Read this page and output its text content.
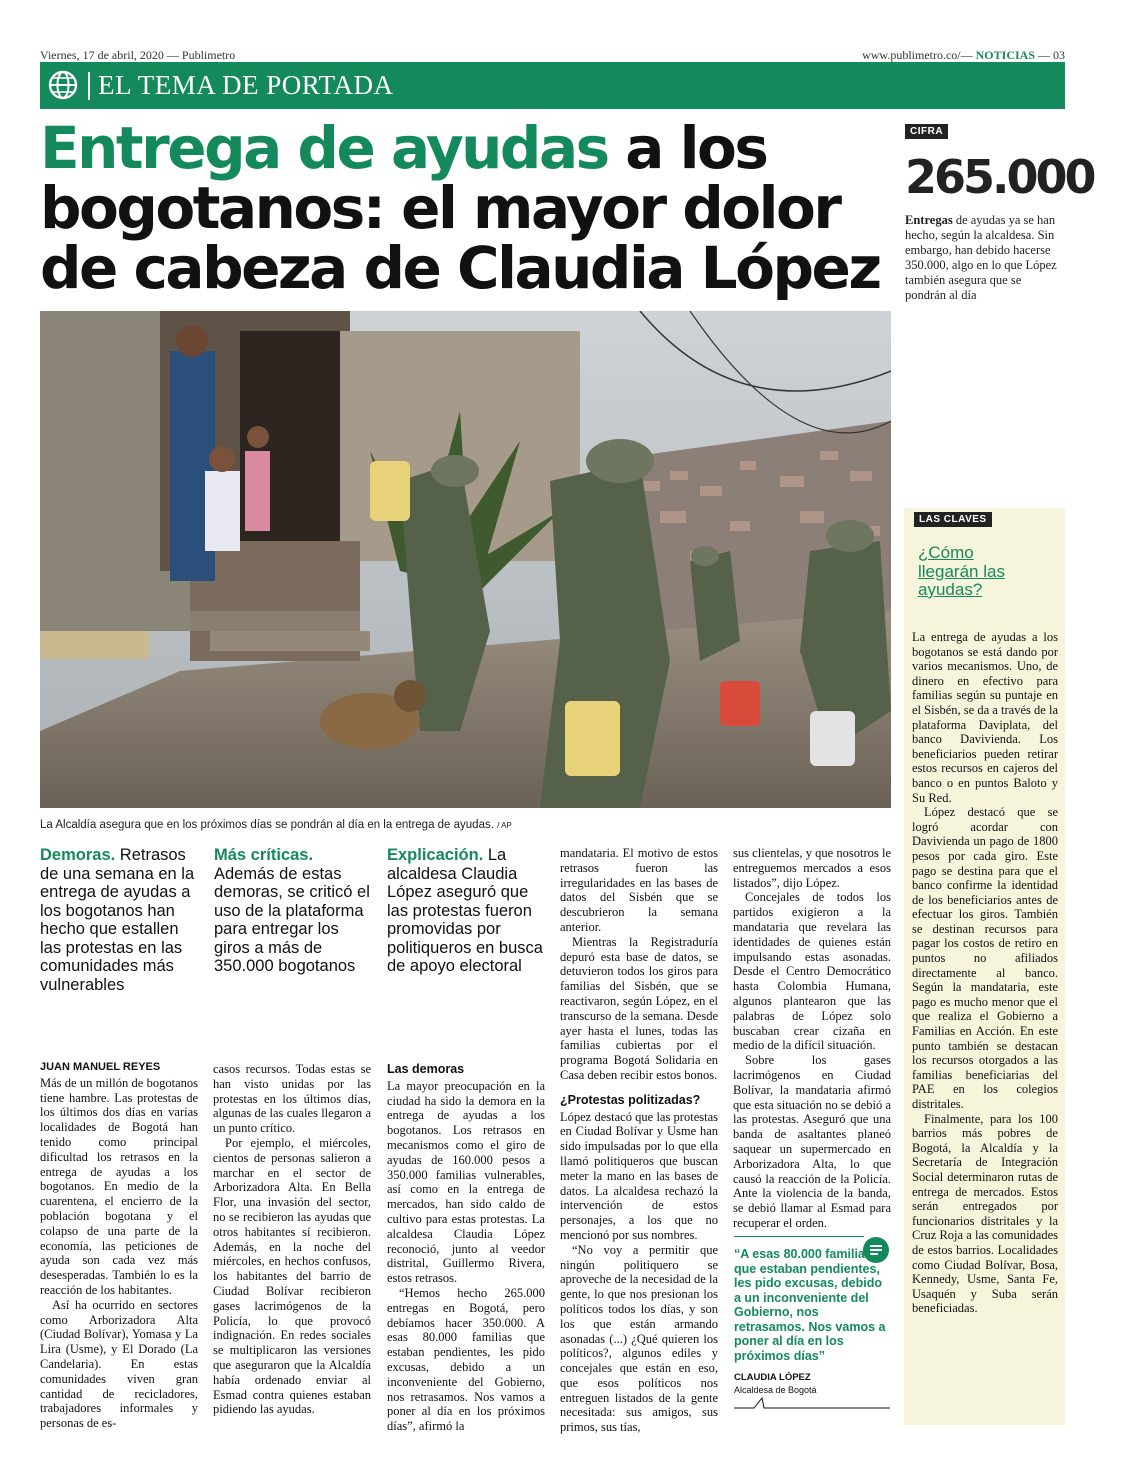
Viernes, 17 de abril, 2020 — Publimetro	www.publimetro.co/— NOTICIAS — 03
EL TEMA DE PORTADA
Entrega de ayudas a los bogotanos: el mayor dolor de cabeza de Claudia López
CIFRA
265.000
Entregas de ayudas ya se han hecho, según la alcaldesa. Sin embargo, han debido hacerse 350.000, algo en lo que López también asegura que se pondrán al día
La Alcaldía asegura que en los próximos días se pondrán al día en la entrega de ayudas. / AP
Demoras. Retrasos de una semana en la entrega de ayudas a los bogotanos han hecho que estallen las protestas en las comunidades más vulnerables
Más críticas. Además de estas demoras, se criticó el uso de la plataforma para entregar los giros a más de 350.000 bogotanos
Explicación. La alcaldesa Claudia López aseguró que las protestas fueron promovidas por politiqueros en busca de apoyo electoral
JUAN MANUEL REYES

Más de un millón de bogotanos tiene hambre. Las protestas de los últimos dos días en varias localidades de Bogotá han tenido como principal dificultad los retrasos en la entrega de ayudas a los bogotanos. En medio de la cuarentena, el encierro de la población bogotana y el colapso de una parte de la economía, las peticiones de ayuda son cada vez más desesperadas. También lo es la reacción de los habitantes.

Así ha ocurrido en sectores como Arborizadora Alta (Ciudad Bolívar), Yomasa y La Lira (Usme), y El Dorado (La Candelaria). En estas comunidades viven gran cantidad de recicladores, trabajadores informales y personas de es-

casos recursos. Todas estas se han visto unidas por las protestas en los últimos días, algunas de las cuales llegaron a un punto crítico.

Por ejemplo, el miércoles, cientos de personas salieron a marchar en el sector de Arborizadora Alta. En Bella Flor, una invasión del sector, no se recibieron las ayudas que otros habitantes sí recibieron. Además, en la noche del miércoles, en hechos confusos, los habitantes del barrio de Ciudad Bolívar recibieron gases lacrimógenos de la Policía, lo que provocó indignación. En redes sociales se multiplicaron las versiones que aseguraron que la Alcaldía había ordenado enviar al Esmad contra quienes estaban pidiendo las ayudas.

Las demoras

La mayor preocupación en la ciudad ha sido la demora en la entrega de ayudas a los bogotanos. Los retrasos en mecanismos como el giro de ayudas de 160.000 pesos a 350.000 familias vulnerables, así como en la entrega de mercados, han sido caldo de cultivo para estas protestas. La alcaldesa Claudia López reconoció, junto al veedor distrital, Guillermo Rivera, estos retrasos.

“Hemos hecho 265.000 entregas en Bogotá, pero debíamos hacer 350.000. A esas 80.000 familias que estaban pendientes, les pido excusas, debido a un inconveniente del Gobierno, nos retrasamos. Nos vamos a poner al día en los próximos días”, afirmó la

mandataria. El motivo de estos retrasos fueron las irregularidades en las bases de datos del Sisbén que se descubrieron la semana anterior.

Mientras la Registraduría depuró esta base de datos, se detuvieron todos los giros para familias del Sisbén, que se reactivaron, según López, en el transcurso de la semana. Desde ayer hasta el lunes, todas las familias cubiertas por el programa Bogotá Solidaria en Casa deben recibir estos bonos.

¿Protestas politizadas?

López destacó que las protestas en Ciudad Bolívar y Usme han sido impulsadas por lo que ella llamó politiqueros que buscan meter la mano en las bases de datos. La alcaldesa rechazó la intervención de estos personajes, a los que no mencionó por sus nombres.

“No voy a permitir que ningún politiquero se aproveche de la necesidad de la gente, lo que nos presionan los políticos todos los días, y son los que están armando asonadas (...) ¿Qué quieren los políticos?, algunos ediles y concejales que están en eso, que esos políticos nos entreguen listados de la gente necesitada: sus amigos, sus primos, sus tías,

sus clientelas, y que nosotros le entreguemos mercados a esos listados”, dijo López.

Concejales de todos los partidos exigieron a la mandataria que revelara las identidades de quienes están impulsando estas asonadas. Desde el Centro Democrático hasta Colombia Humana, algunos plantearon que las palabras de López solo buscaban crear cizaña en medio de la difícil situación.

Sobre los gases lacrimógenos en Ciudad Bolívar, la mandataria afirmó que esta situación no se debió a las protestas. Aseguró que una banda de asaltantes planeó saquear un supermercado en Arborizadora Alta, lo que causó la reacción de la Policía. Ante la violencia de la banda, se debió llamar al Esmad para recuperar el orden.

“A esas 80.000 familias que estaban pendientes, les pido excusas, debido a un inconveniente del Gobierno, nos retrasamos. Nos vamos a poner al día en los próximos días”
CLAUDIA LÓPEZ
Alcaldesa de Bogotá
LAS CLAVES
¿Cómo llegarán las ayudas?

La entrega de ayudas a los bogotanos se está dando por varios mecanismos. Uno, de dinero en efectivo para familias según su puntaje en el Sisbén, se da a través de la plataforma Daviplata, del banco Davivienda. Los beneficiarios pueden retirar estos recursos en cajeros del banco o en puntos Baloto y Su Red.

López destacó que se logró acordar con Davivienda un pago de 1800 pesos por cada giro. Este pago se destina para que el banco confirme la identidad de los beneficiarios antes de efectuar los giros. También se destinan recursos para pagar los costos de retiro en puntos no afiliados directamente al banco. Según la mandataria, este pago es mucho menor que el que realiza el Gobierno a Familias en Acción. En este punto también se destacan los recursos otorgados a las familias beneficiarias del PAE en los colegios distritales.

Finalmente, para los 100 barrios más pobres de Bogotá, la Alcaldía y la Secretaría de Integración Social determinaron rutas de entrega de mercados. Estos serán entregados por funcionarios distritales y la Cruz Roja a las comunidades de estos barrios. Localidades como Ciudad Bolívar, Bosa, Kennedy, Usme, Santa Fe, Usaquén y Suba serán beneficiadas.
